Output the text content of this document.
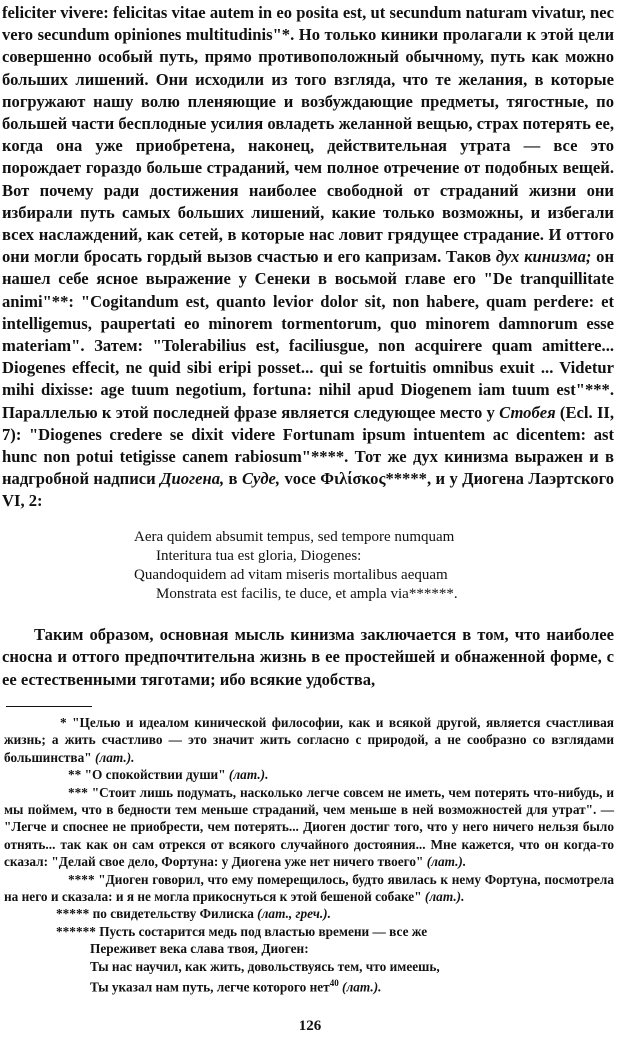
feliciter vivere: felicitas vitae autem in eo posita est, ut secundum naturam vivatur, nec vero secundum opiniones multitudinis"*. Но только киники пролагали к этой цели совершенно особый путь, прямо противоположный обычному, путь как можно больших лишений. Они исходили из того взгляда, что те желания, в которые погружают нашу волю пленяющие и возбуждающие предметы, тягостные, по большей части бесплодные усилия овладеть желанной вещью, страх потерять ее, когда она уже приобретена, наконец, действительная утрата — все это порождает гораздо больше страданий, чем полное отречение от подобных вещей. Вот почему ради достижения наиболее свободной от страданий жизни они избирали путь самых больших лишений, какие только возможны, и избегали всех наслаждений, как сетей, в которые нас ловит грядущее страдание. И оттого они могли бросать гордый вызов счастью и его капризам. Таков дух кинизма; он нашел себе ясное выражение у Сенеки в восьмой главе его "De tranquillitate animi"**: "Cogitandum est, quanto levior dolor sit, non habere, quam perdere: et intelligemus, paupertati eo minorem tormentorum, quo minorem damnorum esse materiam". Затем: "Tolerabilius est, faciliusgue, non acquirere quam amittere... Diogenes effecit, ne quid sibi eripi posset... qui se fortuitis omnibus exuit ... Videtur mihi dixisse: age tuum negotium, fortuna: nihil apud Diogenem iam tuum est"***. Параллелью к этой последней фразе является следующее место у Стобея (Ecl. II, 7): "Diogenes credere se dixit videre Fortunam ipsum intuentem ac dicentem: ast hunc non potui tetigisse canem rabiosum"****. Тот же дух кинизма выражен и в надгробной надписи Диогена, в Суде, voce Φιλίσκος*****, и у Диогена Лаэртского VI, 2:

Aera quidem absumit tempus, sed tempore numquam
Interitura tua est gloria, Diogenes:
Quandoquidem ad vitam miseris mortalibus aequam
Monstrata est facilis, te duce, et ampla via******.

Таким образом, основная мысль кинизма заключается в том, что наиболее сносна и оттого предпочтительна жизнь в ее простейшей и обнаженной форме, с ее естественными тяготами; ибо всякие удобства,

* "Целью и идеалом кинической философии, как и всякой другой, является счастливая жизнь; а жить счастливо — это значит жить согласно с природой, а не сообразно со взглядами большинства" (лат.).

** "О спокойствии души" (лат.).

*** "Стоит лишь подумать, насколько легче совсем не иметь, чем потерять что-нибудь, и мы поймем, что в бедности тем меньше страданий, чем меньше в ней возможностей для утрат". — "Легче и споснее не приобрести, чем потерять... Диоген достиг того, что у него ничего нельзя было отнять... так как он сам отрекся от всякого случайного достояния... Мне кажется, что он когда-то сказал: "Делай свое дело, Фортуна: у Диогена уже нет ничего твоего" (лат.).

**** "Диоген говорил, что ему померещилось, будто явилась к нему Фортуна, посмотрела на него и сказала: и я не могла прикоснуться к этой бешеной собаке" (лат.).

***** по свидетельству Филиска (лат., греч.).

****** Пусть состарится медь под властью времени — все же

Переживет века слава твоя, Диоген:

Ты нас научил, как жить, довольствуясь тем, что имеешь,

Ты указал нам путь, легче которого нет$^{40}$ (лат.).

126
